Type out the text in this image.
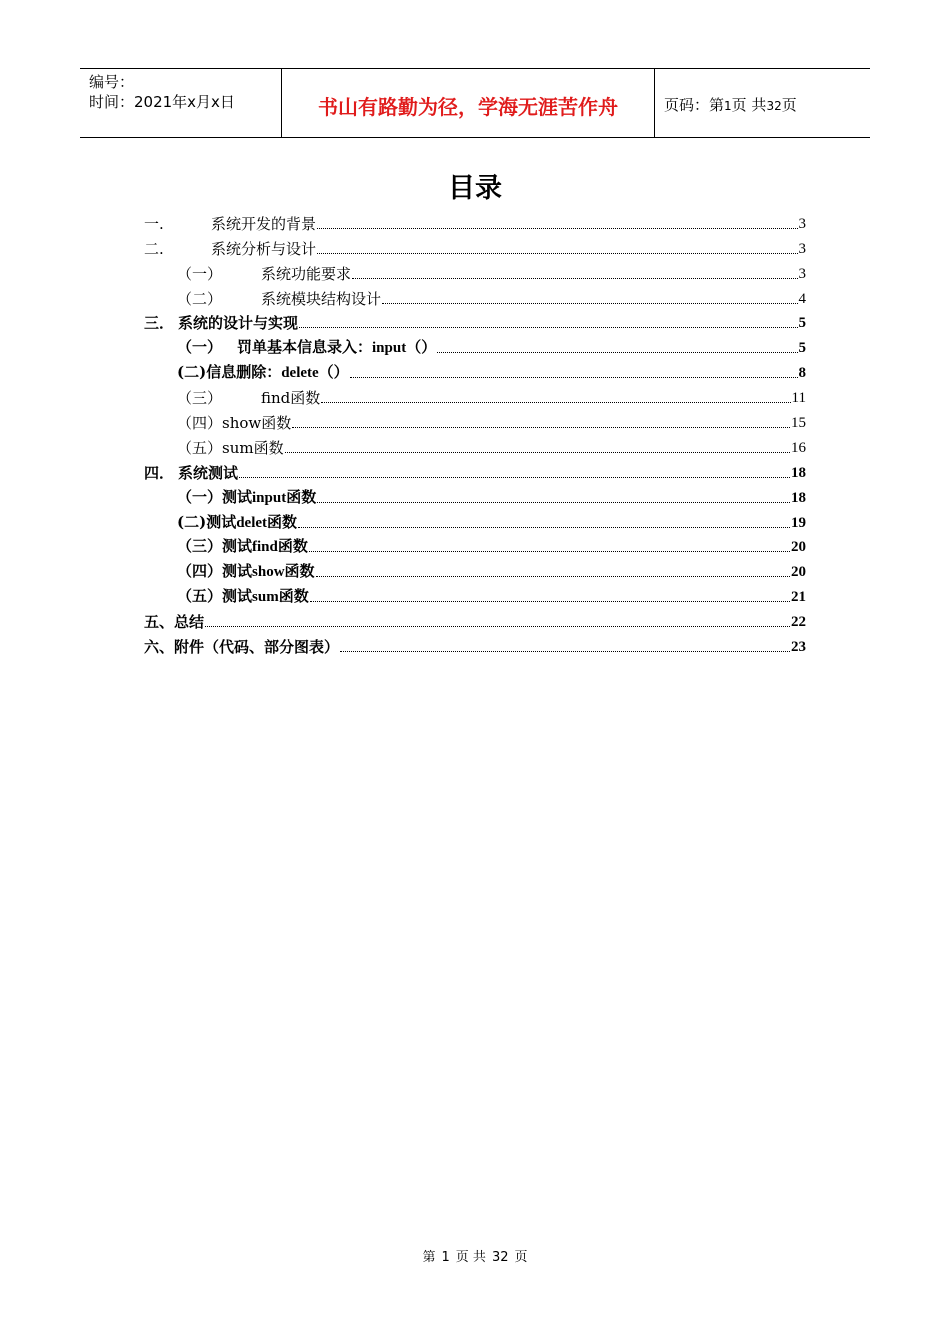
编号：
时间：2021年x月x日	书山有路勤为径，学海无涯苦作舟	页码：第1页 共32页
目录
一.	系统开发的背景	3
二.	系统分析与设计	3
（一）	系统功能要求	3
（二）	系统模块结构设计	4
三． 系统的设计与实现	5
（一） 罚单基本信息录入：input（）	5
(二)信息删除：delete（）	8
（三）	find函数	11
（四）show函数	15
（五）sum函数	16
四． 系统测试	18
（一）测试input函数	18
(二)测试delet函数	19
（三）测试find函数	20
（四）测试show函数	20
（五）测试sum函数	21
五、总结	22
六、附件（代码、部分图表）	23
第 1 页 共 32 页
